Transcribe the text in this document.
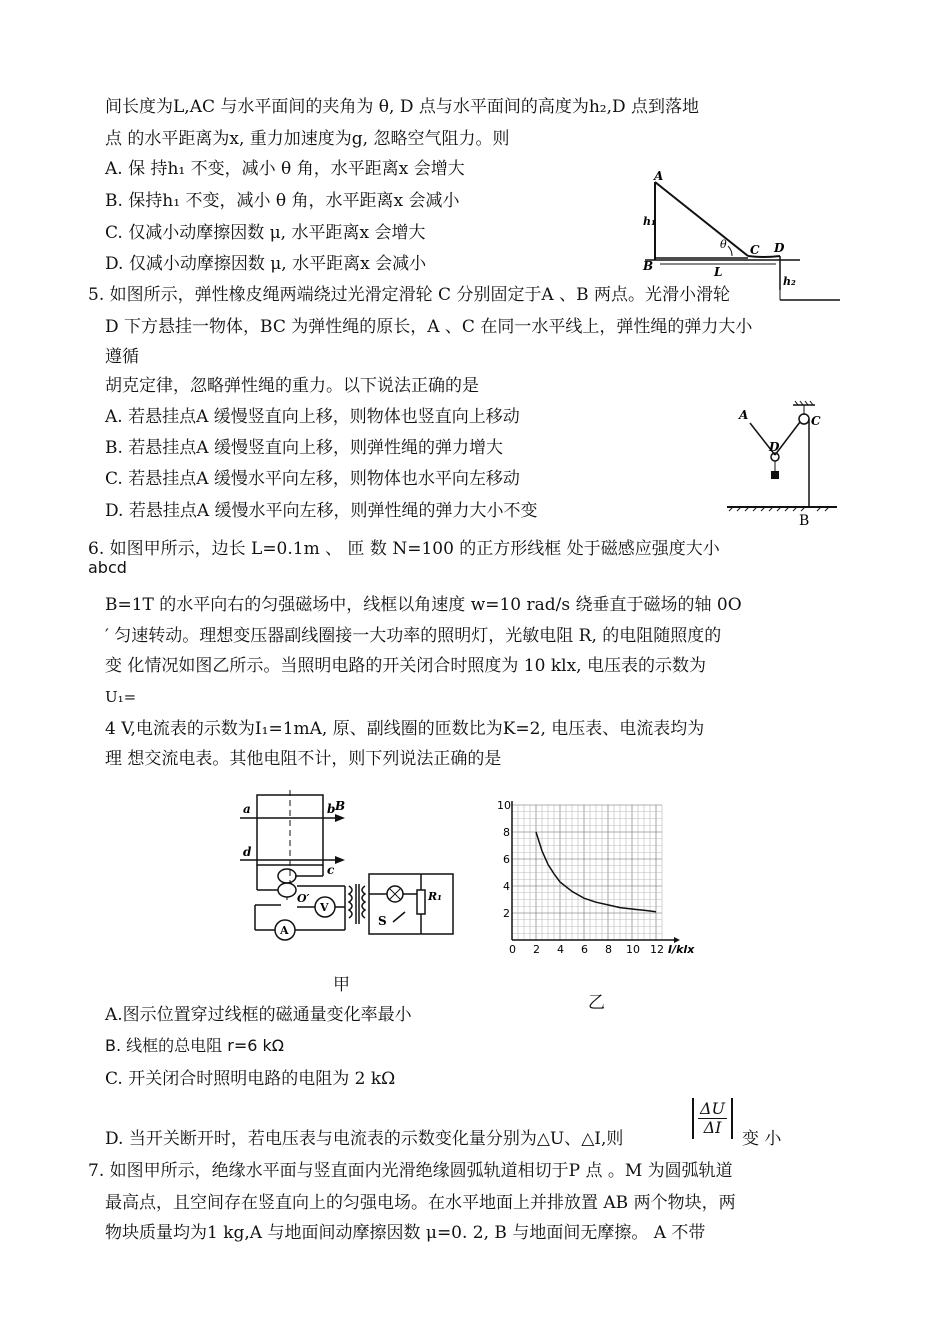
间长度为L,AC 与水平面间的夹角为 θ, D 点与水平面间的高度为h₂,D 点到落地
点 的水平距离为x, 重力加速度为g, 忽略空气阻力。则
A. 保 持h₁ 不变，减小 θ 角，水平距离x 会增大
B. 保持h₁ 不变，减小 θ 角，水平距离x 会减小
C. 仅减小动摩擦因数 μ, 水平距离x 会增大
D. 仅减小动摩擦因数 μ, 水平距离x 会减小
A
B
C D
h₁
h₂
L
θ
5. 如图所示，弹性橡皮绳两端绕过光滑定滑轮 C 分别固定于A 、B 两点。光滑小滑轮
D 下方悬挂一物体，BC 为弹性绳的原长，A 、C 在同一水平线上，弹性绳的弹力大小
遵循
胡克定律，忽略弹性绳的重力。以下说法正确的是
A. 若悬挂点A 缓慢竖直向上移，则物体也竖直向上移动
B. 若悬挂点A 缓慢竖直向上移，则弹性绳的弹力增大
C. 若悬挂点A 缓慢水平向左移，则物体也水平向左移动
D. 若悬挂点A 缓慢水平向左移，则弹性绳的弹力大小不变
A	C
D
B
6. 如图甲所示，边长 L=0.1m 、 匝 数 N=100 的正方形线框 处于磁感应强度大小
abcd
B=1T 的水平向右的匀强磁场中，线框以角速度 w=10 rad/s 绕垂直于磁场的轴 0O
′ 匀速转动。理想变压器副线圈接一大功率的照明灯，光敏电阻 R, 的电阻随照度的
变 化情况如图乙所示。当照明电路的开关闭合时照度为 10 klx, 电压表的示数为
U₁=
4 V,电流表的示数为I₁=1mA, 原、副线圈的匝数比为K=2, 电压表、电流表均为
理 想交流电表。其他电阻不计，则下列说法正确的是
B
a	b
c
d
O′
V
A
S
R₁
甲
0 2 4 6 8 10 12
2
4
6
8
10
I/klx
乙
A.图示位置穿过线框的磁通量变化率最小
B. 线框的总电阻 r=6 kΩ
C. 开关闭合时照明电路的电阻为 2 kΩ
D. 当开关断开时，若电压表与电流表的示数变化量分别为△U、△I,则	$\frac{\Delta U}{\Delta I}$ 变 小
7. 如图甲所示，绝缘水平面与竖直面内光滑绝缘圆弧轨道相切于P 点 。M 为圆弧轨道
最高点，且空间存在竖直向上的匀强电场。在水平地面上并排放置 AB 两个物块，两
物块质量均为1 kg,A 与地面间动摩擦因数 μ=0. 2, B 与地面间无摩擦。 A 不带
